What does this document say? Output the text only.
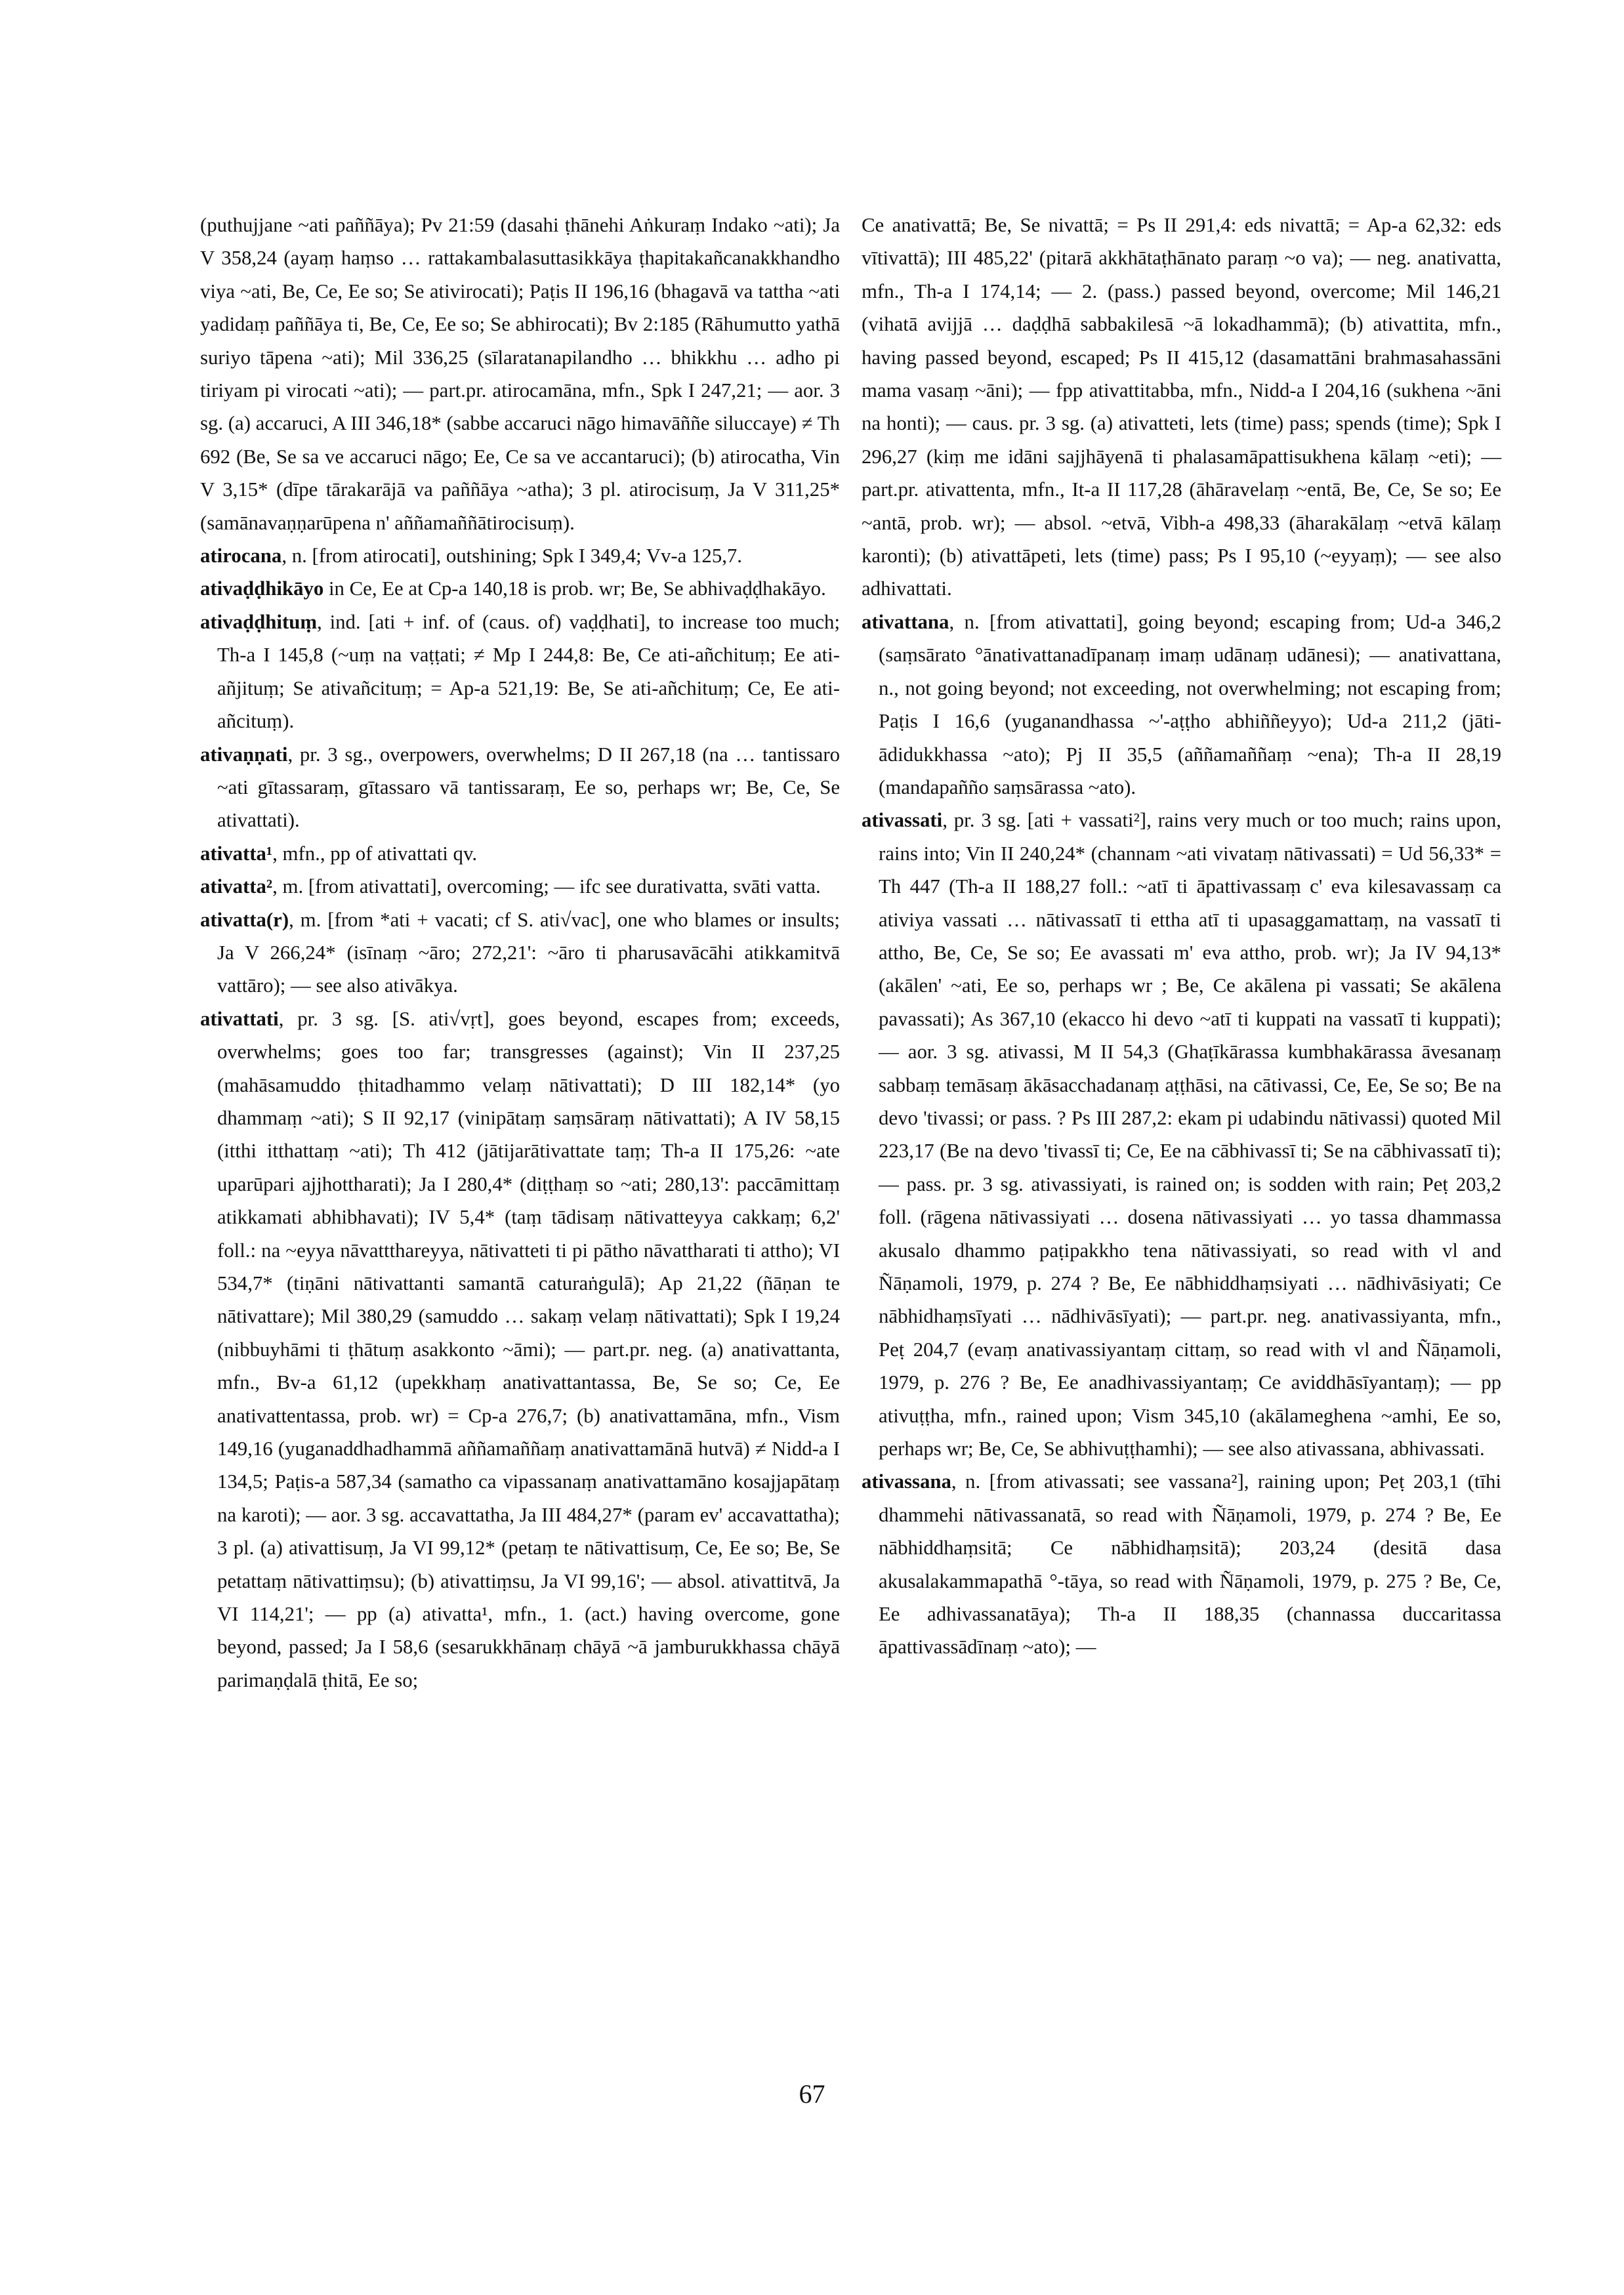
(puthujjane ~ati paññāya); Pv 21:59 (dasahi ṭhānehi Aṅkuraṃ Indako ~ati); Ja V 358,24 (ayaṃ haṃso … rattakambalasuttasikkāya ṭhapitakañcanakkhandho viya ~ati, Be, Ce, Ee so; Se ativirocati); Paṭis II 196,16 (bhagavā va tattha ~ati yadidaṃ paññāya ti, Be, Ce, Ee so; Se abhirocati); Bv 2:185 (Rāhumutto yathā suriyo tāpena ~ati); Mil 336,25 (sīlaratanapilandho … bhikkhu … adho pi tiriyam pi virocati ~ati); — part.pr. atirocamāna, mfn., Spk I 247,21; — aor. 3 sg. (a) accaruci, A III 346,18* (sabbe accaruci nāgo himavāññe siluccaye) ≠ Th 692 (Be, Se sa ve accaruci nāgo; Ee, Ce sa ve accantaruci); (b) atirocatha, Vin V 3,15* (dīpe tārakarājā va paññāya ~atha); 3 pl. atirocisuṃ, Ja V 311,25* (samānavaṇṇarūpena n' aññamaññātirocisuṃ).

atirocana, n. [from atirocati], outshining; Spk I 349,4; Vv-a 125,7.

ativaḍḍhikāyo in Ce, Ee at Cp-a 140,18 is prob. wr; Be, Se abhivaḍḍhakāyo.

ativaḍḍhituṃ, ind. [ati + inf. of (caus. of) vaḍḍhati], to increase too much; Th-a I 145,8 (~uṃ na vaṭṭati; ≠ Mp I 244,8: Be, Ce ati-añchituṃ; Ee ati-añjituṃ; Se ativañcituṃ; = Ap-a 521,19: Be, Se ati-añchituṃ; Ce, Ee ati-añcituṃ).

ativaṇṇati, pr. 3 sg., overpowers, overwhelms; D II 267,18 (na … tantissaro ~ati gītassaraṃ, gītassaro vā tantissaraṃ, Ee so, perhaps wr; Be, Ce, Se ativattati).

ativatta¹, mfn., pp of ativattati qv.

ativatta², m. [from ativattati], overcoming; — ifc see durativatta, svāti vatta.

ativatta(r), m. [from *ati + vacati; cf S. ati√vac], one who blames or insults; Ja V 266,24* (isīnaṃ ~āro; 272,21': ~āro ti pharusavācāhi atikkamitvā vattāro); — see also ativākya.

ativattati, pr. 3 sg. [S. ati√vṛt], goes beyond, escapes from; exceeds, overwhelms; goes too far; transgresses (against); Vin II 237,25 (mahāsamuddo ṭhitadhammo velaṃ nātivattati); D III 182,14* (yo dhammaṃ ~ati); S II 92,17 (vinipātaṃ saṃsāraṃ nātivattati); A IV 58,15 (itthi itthattaṃ ~ati); Th 412 (jātijarātivattate taṃ; Th-a II 175,26: ~ate uparūpari ajjhottharati); Ja I 280,4* (diṭṭhaṃ so ~ati; 280,13': paccāmittaṃ atikkamati abhibhavati); IV 5,4* (taṃ tādisaṃ nātivatteyya cakkaṃ; 6,2' foll.: na ~eyya nāvattthareyya, nātivatteti ti pi pātho nāvattharati ti attho); VI 534,7* (tiṇāni nātivattanti samantā caturaṅgulā); Ap 21,22 (ñāṇan te nātivattare); Mil 380,29 (samuddo … sakaṃ velaṃ nātivattati); Spk I 19,24 (nibbuyhāmi ti ṭhātuṃ asakkonto ~āmi); — part.pr. neg. (a) anativattanta, mfn., Bv-a 61,12 (upekkhaṃ anativattantassa, Be, Se so; Ce, Ee anativattentassa, prob. wr) = Cp-a 276,7; (b) anativattamāna, mfn., Vism 149,16 (yuganaddhadhammā aññamaññaṃ anativattamānā hutvā) ≠ Nidd-a I 134,5; Paṭis-a 587,34 (samatho ca vipassanaṃ anativattamāno kosajjapātaṃ na karoti); — aor. 3 sg. accavattatha, Ja III 484,27* (param ev' accavattatha); 3 pl. (a) ativattisuṃ, Ja VI 99,12* (petaṃ te nātivattisuṃ, Ce, Ee so; Be, Se petattaṃ nātivattiṃsu); (b) ativattiṃsu, Ja VI 99,16'; — absol. ativattitvā, Ja VI 114,21'; — pp (a) ativatta¹, mfn., 1. (act.) having overcome, gone beyond, passed; Ja I 58,6 (sesarukkhānaṃ chāyā ~ā jamburukkhassa chāyā parimaṇḍalā ṭhitā, Ee so;

Ce anativattā; Be, Se nivattā; = Ps II 291,4: eds nivattā; = Ap-a 62,32: eds vītivattā); III 485,22' (pitarā akkhātaṭhānato paraṃ ~o va); — neg. anativatta, mfn., Th-a I 174,14; — 2. (pass.) passed beyond, overcome; Mil 146,21 (vihatā avijjā … daḍḍhā sabbakilesā ~ā lokadhammā); (b) ativattita, mfn., having passed beyond, escaped; Ps II 415,12 (dasamattāni brahmasahassāni mama vasaṃ ~āni); — fpp ativattitabba, mfn., Nidd-a I 204,16 (sukhena ~āni na honti); — caus. pr. 3 sg. (a) ativatteti, lets (time) pass; spends (time); Spk I 296,27 (kiṃ me idāni sajjhāyenā ti phalasamāpattisukhena kālaṃ ~eti); — part.pr. ativattenta, mfn., It-a II 117,28 (āhāravelaṃ ~entā, Be, Ce, Se so; Ee ~antā, prob. wr); — absol. ~etvā, Vibh-a 498,33 (āharakālaṃ ~etvā kālaṃ karonti); (b) ativattāpeti, lets (time) pass; Ps I 95,10 (~eyyaṃ); — see also adhivattati.

ativattana, n. [from ativattati], going beyond; escaping from; Ud-a 346,2 (saṃsārato °ānativattanadīpanaṃ imaṃ udānaṃ udānesi); — anativattana, n., not going beyond; not exceeding, not overwhelming; not escaping from; Paṭis I 16,6 (yuganandhassa ~'-aṭṭho abhiññeyyo); Ud-a 211,2 (jāti-ādidukkhassa ~ato); Pj II 35,5 (aññamaññaṃ ~ena); Th-a II 28,19 (mandapañño saṃsārassa ~ato).

ativassati, pr. 3 sg. [ati + vassati²], rains very much or too much; rains upon, rains into; Vin II 240,24* (channam ~ati vivataṃ nātivassati) = Ud 56,33* = Th 447 (Th-a II 188,27 foll.: ~atī ti āpattivassaṃ c' eva kilesavassaṃ ca ativiya vassati … nātivassatī ti ettha atī ti upasaggamattaṃ, na vassatī ti attho, Be, Ce, Se so; Ee avassati m' eva attho, prob. wr); Ja IV 94,13* (akālen' ~ati, Ee so, perhaps wr ; Be, Ce akālena pi vassati; Se akālena pavassati); As 367,10 (ekacco hi devo ~atī ti kuppati na vassatī ti kuppati); — aor. 3 sg. ativassi, M II 54,3 (Ghaṭīkārassa kumbhakārassa āvesanaṃ sabbaṃ temāsaṃ ākāsacchadanaṃ aṭṭhāsi, na cātivassi, Ce, Ee, Se so; Be na devo 'tivassi; or pass. ? Ps III 287,2: ekam pi udabindu nātivassi) quoted Mil 223,17 (Be na devo 'tivassī ti; Ce, Ee na cābhivassī ti; Se na cābhivassatī ti); — pass. pr. 3 sg. ativassiyati, is rained on; is sodden with rain; Peṭ 203,2 foll. (rāgena nātivassiyati … dosena nātivassiyati … yo tassa dhammassa akusalo dhammo paṭipakkho tena nātivassiyati, so read with vl and Ñāṇamoli, 1979, p. 274 ? Be, Ee nābhiddhaṃsiyati … nādhivāsiyati; Ce nābhidhaṃsīyati … nādhivāsīyati); — part.pr. neg. anativassiyanta, mfn., Peṭ 204,7 (evaṃ anativassiyantaṃ cittaṃ, so read with vl and Ñāṇamoli, 1979, p. 276 ? Be, Ee anadhivassiyantaṃ; Ce aviddhāsīyantaṃ); — pp ativuṭṭha, mfn., rained upon; Vism 345,10 (akālameghena ~amhi, Ee so, perhaps wr; Be, Ce, Se abhivuṭṭhamhi); — see also ativassana, abhivassati.

ativassana, n. [from ativassati; see vassana²], raining upon; Peṭ 203,1 (tīhi dhammehi nātivassanatā, so read with Ñāṇamoli, 1979, p. 274 ? Be, Ee nābhiddhaṃsitā; Ce nābhidhaṃsitā); 203,24 (desitā dasa akusalakammapathā °-tāya, so read with Ñāṇamoli, 1979, p. 275 ? Be, Ce, Ee adhivassanatāya); Th-a II 188,35 (channassa duccaritassa āpattivassādīnaṃ ~ato); —

67
